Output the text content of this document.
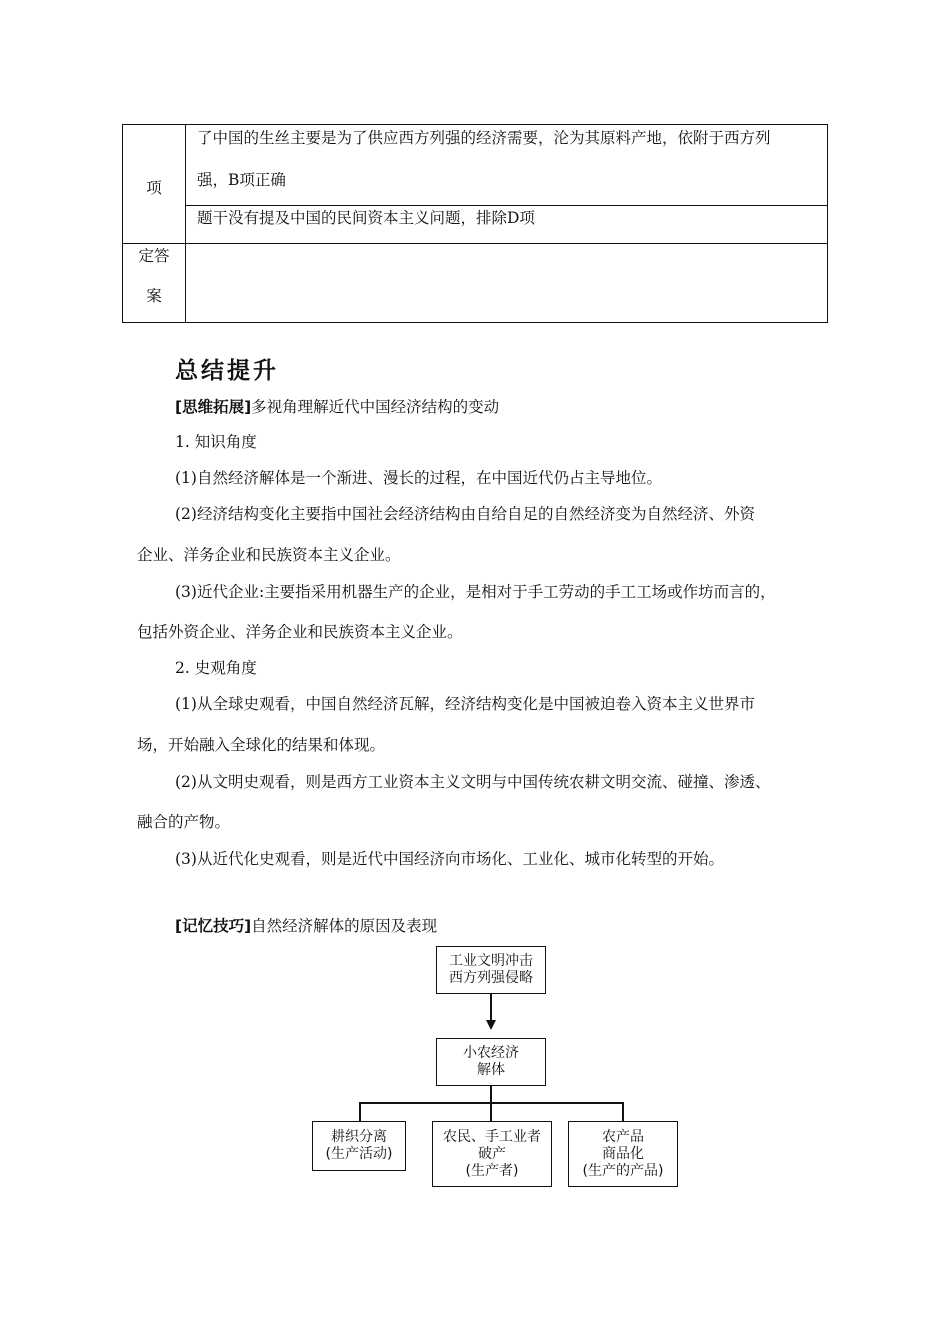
项
了中国的生丝主要是为了供应西方列强的经济需要，沦为其原料产地，依附于西方列
强，B项正确
题干没有提及中国的民间资本主义问题，排除D项
定答
案
总结提升
[思维拓展]多视角理解近代中国经济结构的变动
1. 知识角度
(1)自然经济解体是一个渐进、漫长的过程，在中国近代仍占主导地位。
(2)经济结构变化主要指中国社会经济结构由自给自足的自然经济变为自然经济、外资
企业、洋务企业和民族资本主义企业。
(3)近代企业:主要指采用机器生产的企业，是相对于手工劳动的手工工场或作坊而言的，
包括外资企业、洋务企业和民族资本主义企业。
2. 史观角度
(1)从全球史观看，中国自然经济瓦解，经济结构变化是中国被迫卷入资本主义世界市
场，开始融入全球化的结果和体现。
(2)从文明史观看，则是西方工业资本主义文明与中国传统农耕文明交流、碰撞、渗透、
融合的产物。
(3)从近代化史观看，则是近代中国经济向市场化、工业化、城市化转型的开始。
[记忆技巧]自然经济解体的原因及表现
工业文明冲击
西方列强侵略
小农经济
解体
耕织分离
(生产活动)
农民、手工业者
破产
(生产者)
农产品
商品化
(生产的产品)
